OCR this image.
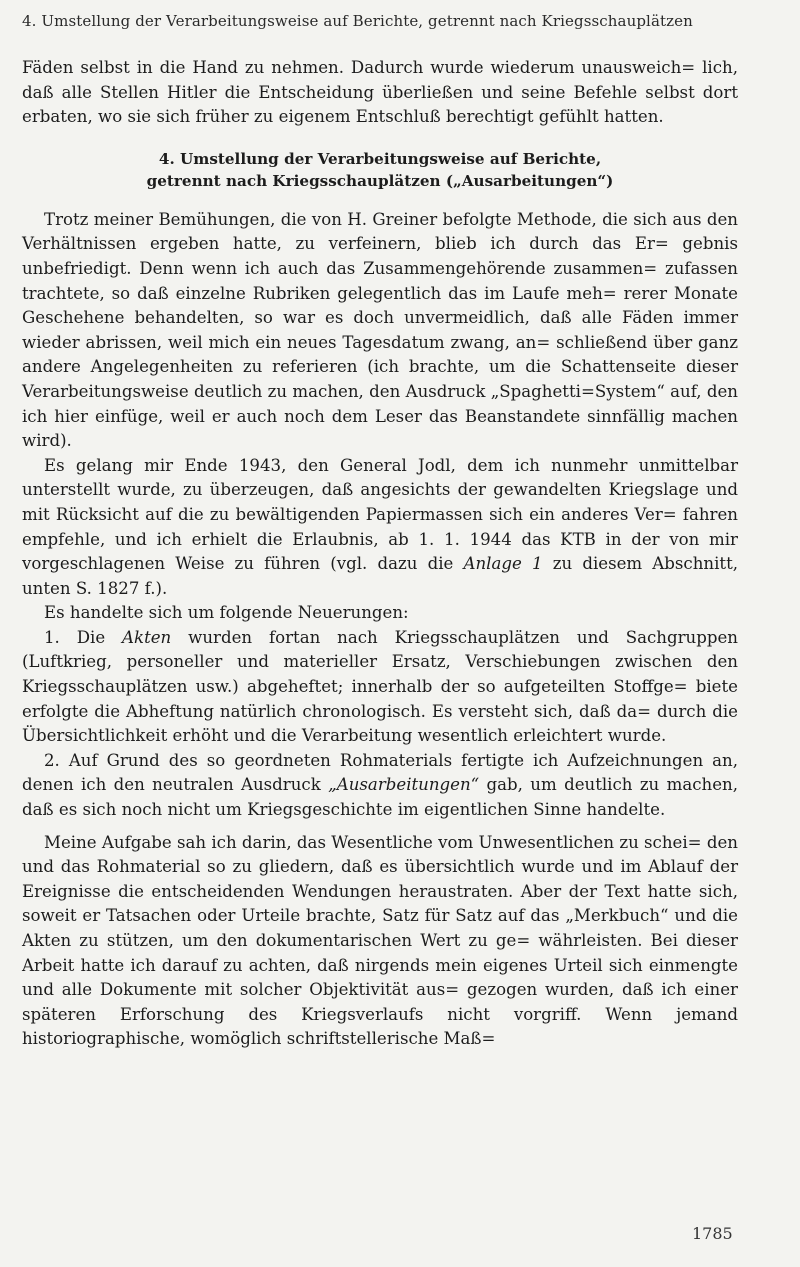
4. Umstellung der Verarbeitungsweise auf Berichte, getrennt nach Kriegsschauplätzen

Fäden selbst in die Hand zu nehmen. Dadurch wurde wiederum unausweich= lich, daß alle Stellen Hitler die Entscheidung überließen und seine Befehle selbst dort erbaten, wo sie sich früher zu eigenem Entschluß berechtigt gefühlt hatten.

4. Umstellung der Verarbeitungsweise auf Berichte,
getrennt nach Kriegsschauplätzen („Ausarbeitungen“)

Trotz meiner Bemühungen, die von H. Greiner befolgte Methode, die sich aus den Verhältnissen ergeben hatte, zu verfeinern, blieb ich durch das Er= gebnis unbefriedigt. Denn wenn ich auch das Zusammengehörende zusammen= zufassen trachtete, so daß einzelne Rubriken gelegentlich das im Laufe meh= rerer Monate Geschehene behandelten, so war es doch unvermeidlich, daß alle Fäden immer wieder abrissen, weil mich ein neues Tagesdatum zwang, an= schließend über ganz andere Angelegenheiten zu referieren (ich brachte, um die Schattenseite dieser Verarbeitungsweise deutlich zu machen, den Ausdruck „Spaghetti=System“ auf, den ich hier einfüge, weil er auch noch dem Leser das Beanstandete sinnfällig machen wird).

Es gelang mir Ende 1943, den General Jodl, dem ich nunmehr unmittelbar unterstellt wurde, zu überzeugen, daß angesichts der gewandelten Kriegslage und mit Rücksicht auf die zu bewältigenden Papiermassen sich ein anderes Ver= fahren empfehle, und ich erhielt die Erlaubnis, ab 1. 1. 1944 das KTB in der von mir vorgeschlagenen Weise zu führen (vgl. dazu die Anlage 1 zu diesem Abschnitt, unten S. 1827 f.).

Es handelte sich um folgende Neuerungen:

1. Die Akten wurden fortan nach Kriegsschauplätzen und Sachgruppen (Luftkrieg, personeller und materieller Ersatz, Verschiebungen zwischen den Kriegsschauplätzen usw.) abgeheftet; innerhalb der so aufgeteilten Stoffge= biete erfolgte die Abheftung natürlich chronologisch. Es versteht sich, daß da= durch die Übersichtlichkeit erhöht und die Verarbeitung wesentlich erleichtert wurde.

2. Auf Grund des so geordneten Rohmaterials fertigte ich Aufzeichnungen an, denen ich den neutralen Ausdruck „Ausarbeitungen“ gab, um deutlich zu machen, daß es sich noch nicht um Kriegsgeschichte im eigentlichen Sinne handelte.

Meine Aufgabe sah ich darin, das Wesentliche vom Unwesentlichen zu schei= den und das Rohmaterial so zu gliedern, daß es übersichtlich wurde und im Ablauf der Ereignisse die entscheidenden Wendungen heraustraten. Aber der Text hatte sich, soweit er Tatsachen oder Urteile brachte, Satz für Satz auf das „Merkbuch“ und die Akten zu stützen, um den dokumentarischen Wert zu ge= währleisten. Bei dieser Arbeit hatte ich darauf zu achten, daß nirgends mein eigenes Urteil sich einmengte und alle Dokumente mit solcher Objektivität aus= gezogen wurden, daß ich einer späteren Erforschung des Kriegsverlaufs nicht vorgriff. Wenn jemand historiographische, womöglich schriftstellerische Maß=

1785
